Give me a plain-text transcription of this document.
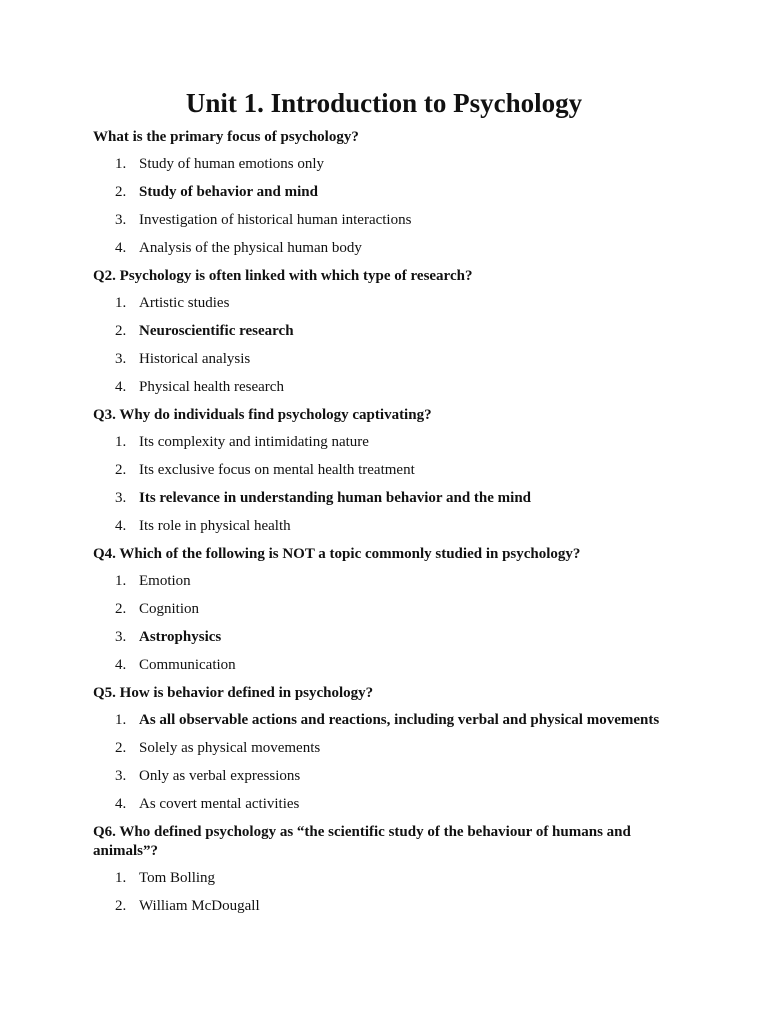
Unit 1. Introduction to Psychology

What is the primary focus of psychology?

1. Study of human emotions only
2. Study of behavior and mind
3. Investigation of historical human interactions
4. Analysis of the physical human body

Q2. Psychology is often linked with which type of research?

1. Artistic studies
2. Neuroscientific research
3. Historical analysis
4. Physical health research

Q3. Why do individuals find psychology captivating?

1. Its complexity and intimidating nature
2. Its exclusive focus on mental health treatment
3. Its relevance in understanding human behavior and the mind
4. Its role in physical health

Q4. Which of the following is NOT a topic commonly studied in psychology?

1. Emotion
2. Cognition
3. Astrophysics
4. Communication

Q5. How is behavior defined in psychology?

1. As all observable actions and reactions, including verbal and physical movements
2. Solely as physical movements
3. Only as verbal expressions
4. As covert mental activities

Q6. Who defined psychology as “the scientific study of the behaviour of humans and animals”?

1. Tom Bolling
2. William McDougall
